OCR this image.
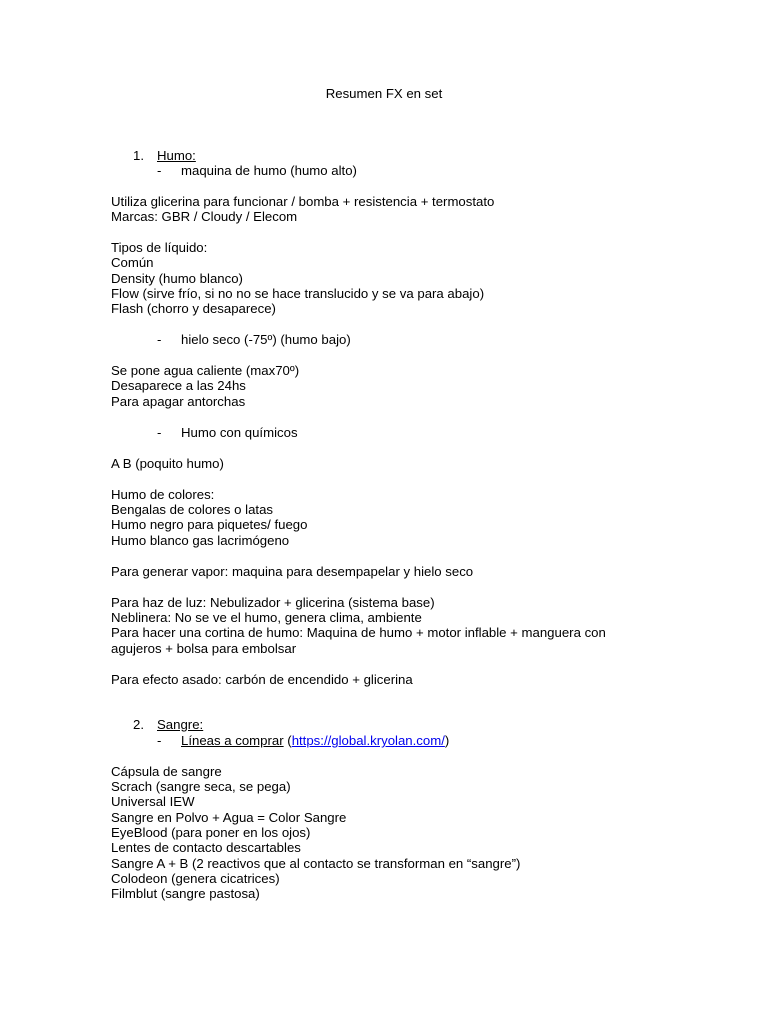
Resumen FX en set
1. Humo:
- maquina de humo (humo alto)
Utiliza glicerina para funcionar / bomba + resistencia + termostato
Marcas: GBR / Cloudy / Elecom
Tipos de líquido:
Común
Density (humo blanco)
Flow (sirve frío, si no no se hace translucido y se va para abajo)
Flash (chorro y desaparece)
- hielo seco (-75º) (humo bajo)
Se pone agua caliente (max70º)
Desaparece a las 24hs
Para apagar antorchas
- Humo con químicos
A B (poquito humo)
Humo de colores:
Bengalas de colores o latas
Humo negro para piquetes/ fuego
Humo blanco gas lacrimógeno
Para generar vapor: maquina para desempapelar y hielo seco
Para haz de luz: Nebulizador + glicerina (sistema base)
Neblinera: No se ve el humo, genera clima, ambiente
Para hacer una cortina de humo: Maquina de humo + motor inflable + manguera con
agujeros + bolsa para embolsar
Para efecto asado: carbón de encendido + glicerina
2. Sangre:
- Líneas a comprar (https://global.kryolan.com/)
Cápsula de sangre
Scrach (sangre seca, se pega)
Universal IEW
Sangre en Polvo + Agua = Color Sangre
EyeBlood (para poner en los ojos)
Lentes de contacto descartables
Sangre A + B (2 reactivos que al contacto se transforman en “sangre”)
Colodeon (genera cicatrices)
Filmblut (sangre pastosa)
